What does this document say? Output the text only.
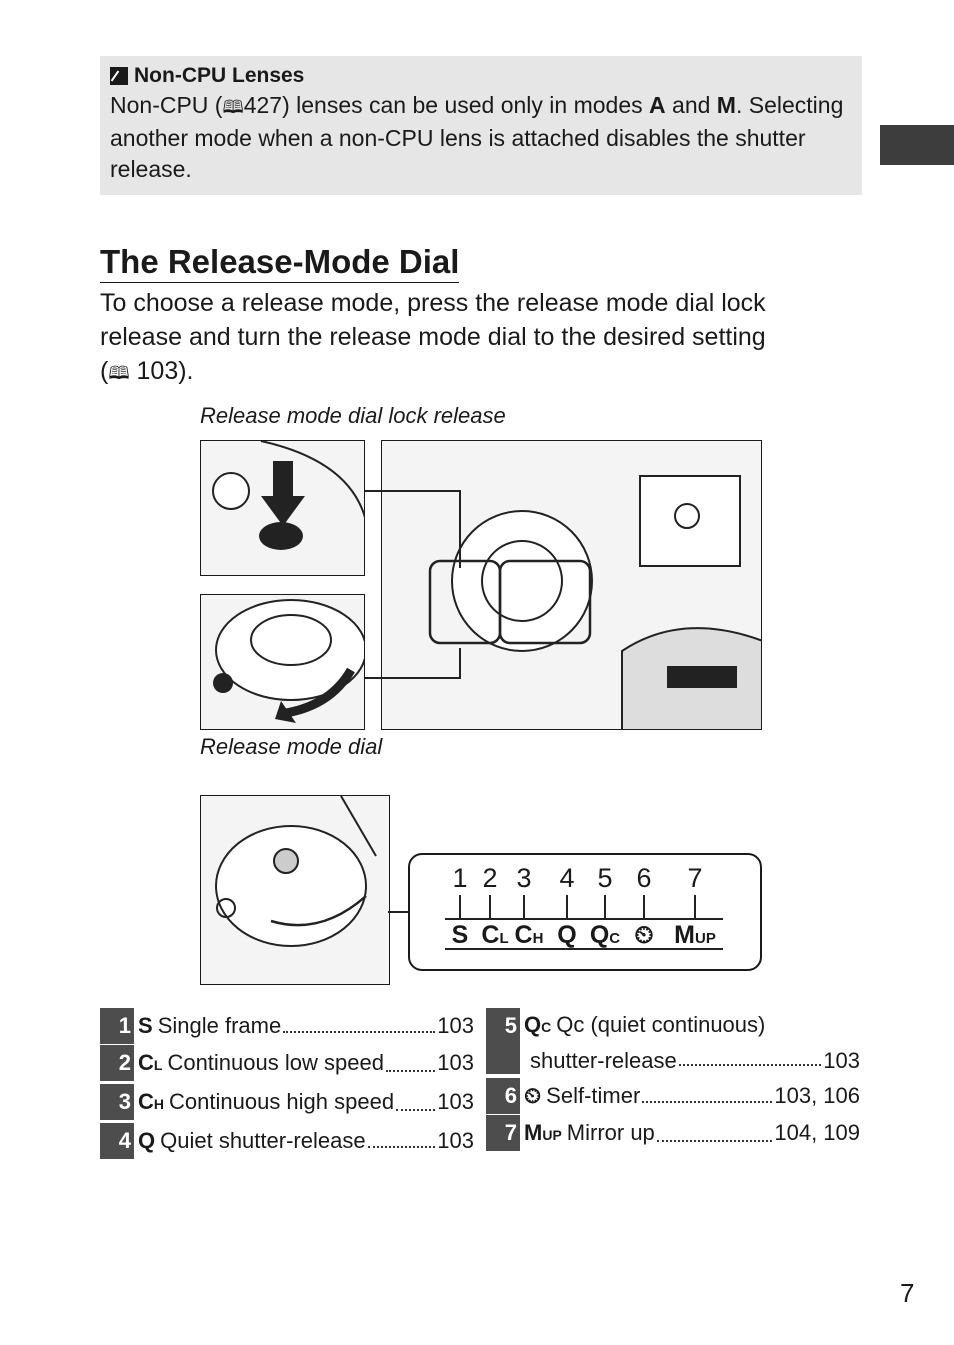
Non-CPU Lenses
Non-CPU (🕮427) lenses can be used only in modes A and M. Selecting
another mode when a non-CPU lens is attached disables the shutter
release.
The Release-Mode Dial
To choose a release mode, press the release mode dial lock
release and turn the release mode dial to the desired setting
(🕮 103).
Release mode dial lock release
Release mode dial
1
S
2
CL
3
CH
4
Q
5
QC
6
⏲
7
MUP
1 S Single frame	103
2 CL Continuous low speed 103
3 CH Continuous high speed 103
4 Q Quiet shutter-release	103
5 QC Qc (quiet continuous)
shutter-release	103
6 ⏲ Self-timer	103, 106
7 MUP Mirror up	104, 109
7
